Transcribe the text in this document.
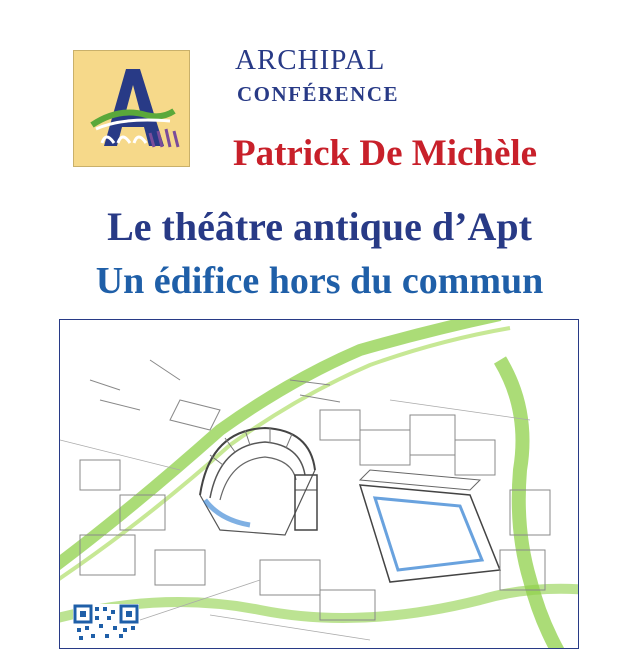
ARCHIPAL
CONFÉRENCE
Patrick De Michèle
Le théâtre antique d’Apt
Un édifice hors du commun
